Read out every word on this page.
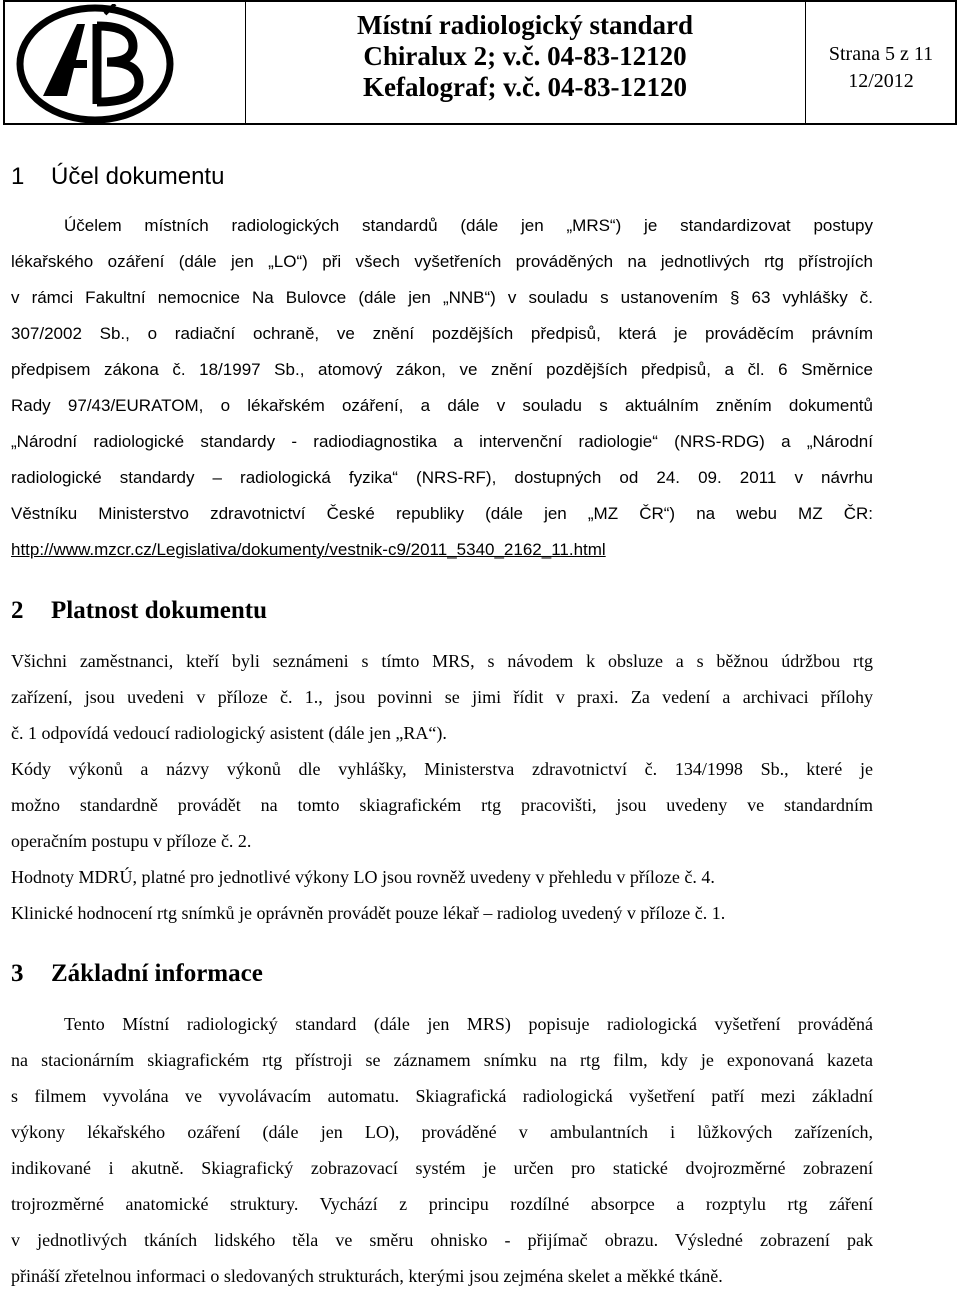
Místní radiologický standard
Chiralux 2; v.č. 04-83-12120
Kefalograf; v.č. 04-83-12120
Strana 5 z 11
12/2012
1 Účel dokumentu
Účelem místních radiologických standardů (dále jen „MRS“) je standardizovat postupy
lékařského ozáření (dále jen „LO“) při všech vyšetřeních prováděných na jednotlivých rtg přístrojích
v rámci Fakultní nemocnice Na Bulovce (dále jen „NNB“) v souladu s ustanovením § 63 vyhlášky č.
307/2002 Sb., o radiační ochraně, ve znění pozdějších předpisů, která je prováděcím právním
předpisem zákona č. 18/1997 Sb., atomový zákon, ve znění pozdějších předpisů, a čl. 6 Směrnice
Rady 97/43/EURATOM, o lékařském ozáření, a dále v souladu s aktuálním zněním dokumentů
„Národní radiologické standardy - radiodiagnostika a intervenční radiologie“ (NRS-RDG) a „Národní
radiologické standardy – radiologická fyzika“ (NRS-RF), dostupných od 24. 09. 2011 v návrhu
Věstníku Ministerstvo zdravotnictví České republiky (dále jen „MZ ČR“) na webu MZ ČR:
http://www.mzcr.cz/Legislativa/dokumenty/vestnik-c9/2011_5340_2162_11.html
2 Platnost dokumentu
Všichni zaměstnanci, kteří byli seznámeni s tímto MRS, s návodem k obsluze a s běžnou údržbou rtg
zařízení, jsou uvedeni v příloze č. 1., jsou povinni se jimi řídit v praxi. Za vedení a archivaci přílohy
č. 1 odpovídá vedoucí radiologický asistent (dále jen „RA“).
Kódy výkonů a názvy výkonů dle vyhlášky, Ministerstva zdravotnictví č. 134/1998 Sb., které je
možno standardně provádět na tomto skiagrafickém rtg pracovišti, jsou uvedeny ve standardním
operačním postupu v příloze č. 2.
Hodnoty MDRÚ, platné pro jednotlivé výkony LO jsou rovněž uvedeny v přehledu v příloze č. 4.
Klinické hodnocení rtg snímků je oprávněn provádět pouze lékař – radiolog uvedený v příloze č. 1.
3 Základní informace
Tento Místní radiologický standard (dále jen MRS) popisuje radiologická vyšetření prováděná
na stacionárním skiagrafickém rtg přístroji se záznamem snímku na rtg film, kdy je exponovaná kazeta
s filmem vyvolána ve vyvolávacím automatu. Skiagrafická radiologická vyšetření patří mezi základní
výkony lékařského ozáření (dále jen LO), prováděné v ambulantních i lůžkových zařízeních,
indikované i akutně. Skiagrafický zobrazovací systém je určen pro statické dvojrozměrné zobrazení
trojrozměrné anatomické struktury. Vychází z principu rozdílné absorpce a rozptylu rtg záření
v jednotlivých tkáních lidského těla ve směru ohnisko - přijímač obrazu. Výsledné zobrazení pak
přináší zřetelnou informaci o sledovaných strukturách, kterými jsou zejména skelet a měkké tkáně.
